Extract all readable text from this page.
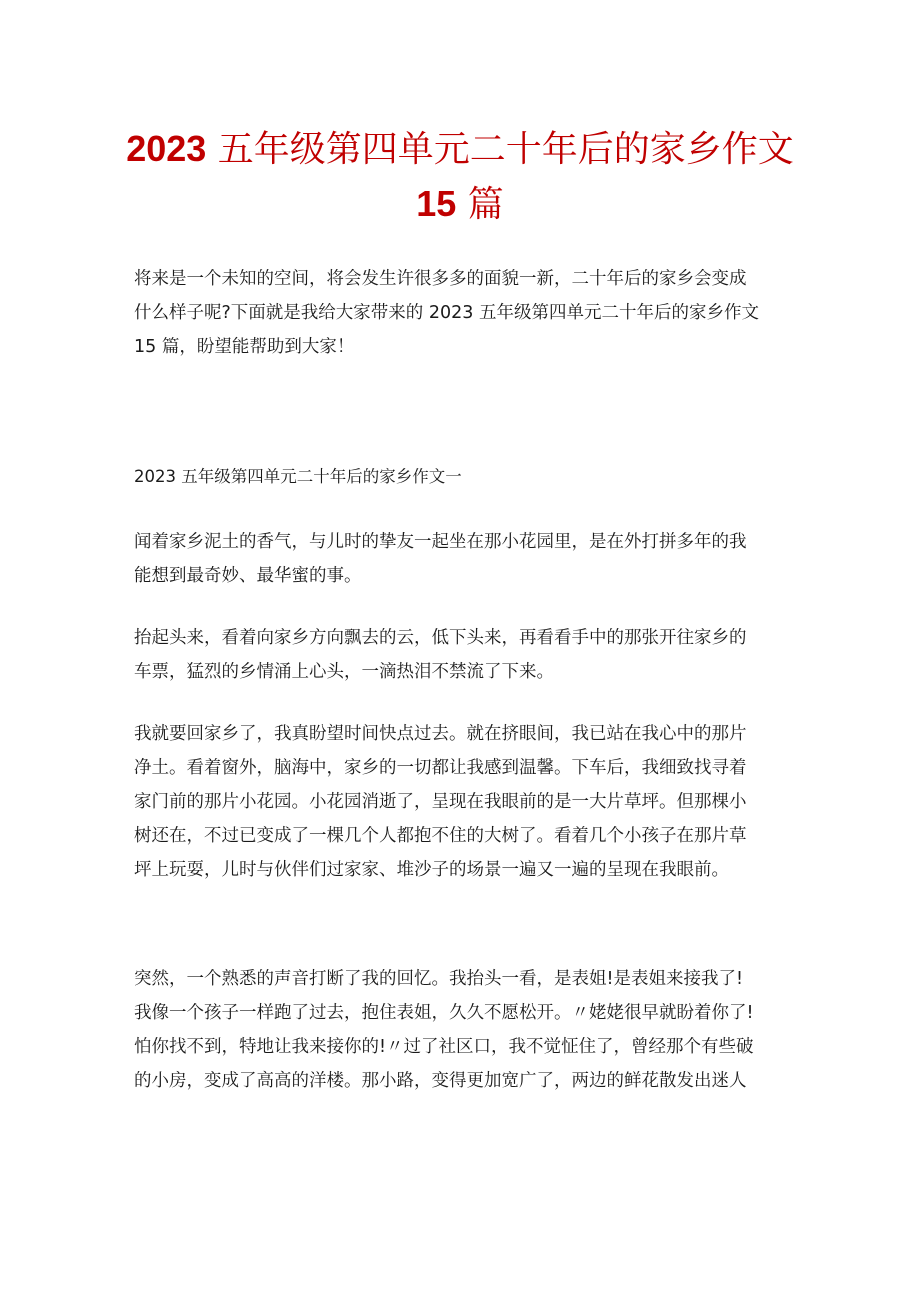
2023 五年级第四单元二十年后的家乡作文
15 篇

将来是一个未知的空间，将会发生许很多多的面貌一新，二十年后的家乡会变成
什么样子呢?下面就是我给大家带来的 2023 五年级第四单元二十年后的家乡作文
15 篇，盼望能帮助到大家！

2023 五年级第四单元二十年后的家乡作文一

闻着家乡泥土的香气，与儿时的挚友一起坐在那小花园里，是在外打拼多年的我
能想到最奇妙、最华蜜的事。

抬起头来，看着向家乡方向飘去的云，低下头来，再看看手中的那张开往家乡的
车票，猛烈的乡情涌上心头，一滴热泪不禁流了下来。

我就要回家乡了，我真盼望时间快点过去。就在挤眼间，我已站在我心中的那片
净土。看着窗外，脑海中，家乡的一切都让我感到温馨。下车后，我细致找寻着
家门前的那片小花园。小花园消逝了，呈现在我眼前的是一大片草坪。但那棵小
树还在，不过已变成了一棵几个人都抱不住的大树了。看着几个小孩子在那片草
坪上玩耍，儿时与伙伴们过家家、堆沙子的场景一遍又一遍的呈现在我眼前。

突然，一个熟悉的声音打断了我的回忆。我抬头一看，是表姐!是表姐来接我了!
我像一个孩子一样跑了过去，抱住表姐，久久不愿松开。〃姥姥很早就盼着你了!
怕你找不到，特地让我来接你的!〃过了社区口，我不觉怔住了，曾经那个有些破
的小房，变成了高高的洋楼。那小路，变得更加宽广了，两边的鲜花散发出迷人
